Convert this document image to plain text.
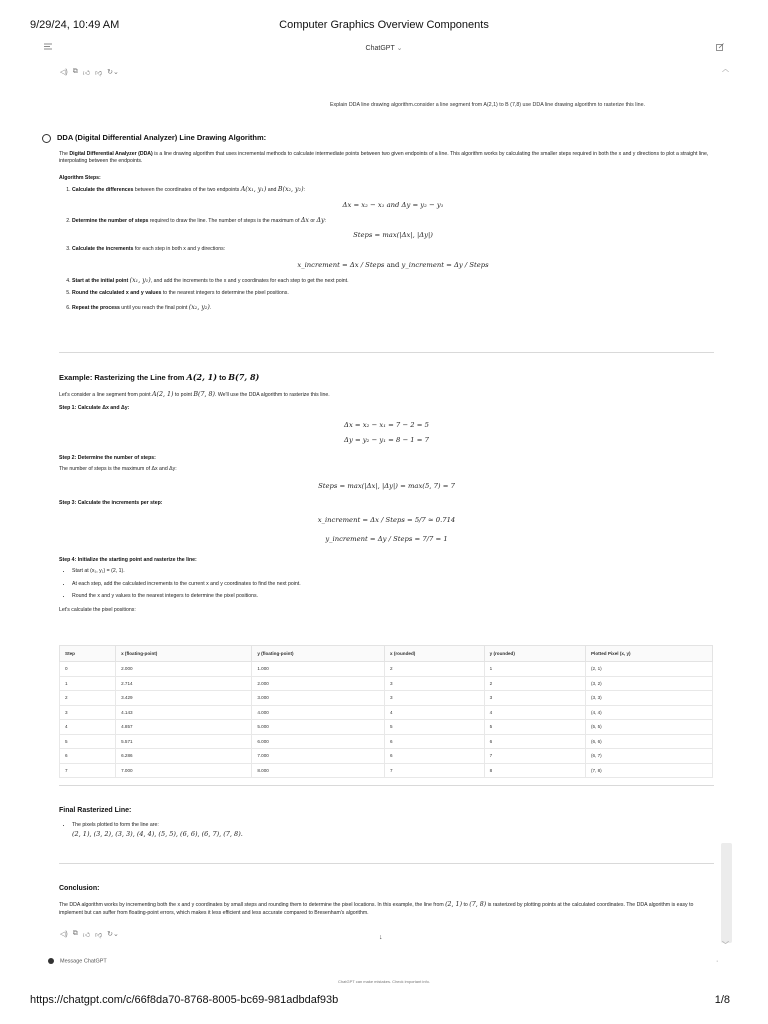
9/29/24, 10:49 AM	Computer Graphics Overview Components
ChatGPT ⌄
◁) ⧉ 👍︎ 👎︎ ↻⌄	︿
Explain DDA line drawing algorithm.consider a line segment from A(2,1) to B (7,8) use DDA line drawing algorithm to rasterize this line.
DDA (Digital Differential Analyzer) Line Drawing Algorithm:
The Digital Differential Analyzer (DDA) is a line drawing algorithm that uses incremental methods to calculate intermediate points between two given endpoints of a line. This algorithm works by calculating the smaller steps required in both the x and y directions to plot a straight line, interpolating between the endpoints.
Algorithm Steps:
1. Calculate the differences between the coordinates of the two endpoints A(x₁, y₁) and B(x₂, y₂):
Δx = x₂ − x₁ and Δy = y₂ − y₁
2. Determine the number of steps required to draw the line. The number of steps is the maximum of Δx or Δy:
Steps = max(|Δx|, |Δy|)
3. Calculate the increments for each step in both x and y directions:
x_increment = Δx / Steps and y_increment = Δy / Steps
4. Start at the initial point (x₁, y₁), and add the increments to the x and y coordinates for each step to get the next point.
5. Round the calculated x and y values to the nearest integers to determine the pixel positions.
6. Repeat the process until you reach the final point (x₂, y₂).
Example: Rasterizing the Line from A(2, 1) to B(7, 8)
Let's consider a line segment from point A(2, 1) to point B(7, 8). We'll use the DDA algorithm to rasterize this line.
Step 1: Calculate Δx and Δy:
Δx = x₂ − x₁ = 7 − 2 = 5
Δy = y₂ − y₁ = 8 − 1 = 7
Step 2: Determine the number of steps:
The number of steps is the maximum of Δx and Δy:
Steps = max(|Δx|, |Δy|) = max(5, 7) = 7
Step 3: Calculate the increments per step:
x_increment = Δx / Steps = 5/7 ≈ 0.714
y_increment = Δy / Steps = 7/7 = 1
Step 4: Initialize the starting point and rasterize the line:
• Start at (x₁, y₁) = (2, 1).
• At each step, add the calculated increments to the current x and y coordinates to find the next point.
• Round the x and y values to the nearest integers to determine the pixel positions.
Let's calculate the pixel positions:
Step	x (floating-point)	y (floating-point)	x (rounded)	y (rounded)	Plotted Pixel (x, y)
0	2.000	1.000	2	1	(2, 1)
1	2.714	2.000	3	2	(3, 2)
2	3.429	3.000	3	3	(3, 3)
3	4.143	4.000	4	4	(4, 4)
4	4.857	5.000	5	5	(5, 5)
5	5.571	6.000	6	6	(6, 6)
6	6.286	7.000	6	7	(6, 7)
7	7.000	8.000	7	8	(7, 8)
Final Rasterized Line:
• The pixels plotted to form the line are:
(2, 1), (3, 2), (3, 3), (4, 4), (5, 5), (6, 6), (6, 7), (7, 8).
Conclusion:
The DDA algorithm works by incrementing both the x and y coordinates by small steps and rounding them to determine the pixel locations. In this example, the line from (2, 1) to (7, 8) is rasterized by plotting points at the calculated coordinates. The DDA algorithm is easy to implement but can suffer from floating-point errors, which makes it less efficient and less accurate compared to Bresenham's algorithm.
◁) ⧉ 👍︎ 👎︎ ↻⌄	↓
﹀
Message ChatGPT	·
ChatGPT can make mistakes. Check important info.
https://chatgpt.com/c/66f8da70-8768-8005-bc69-981adbdaf93b	1/8
